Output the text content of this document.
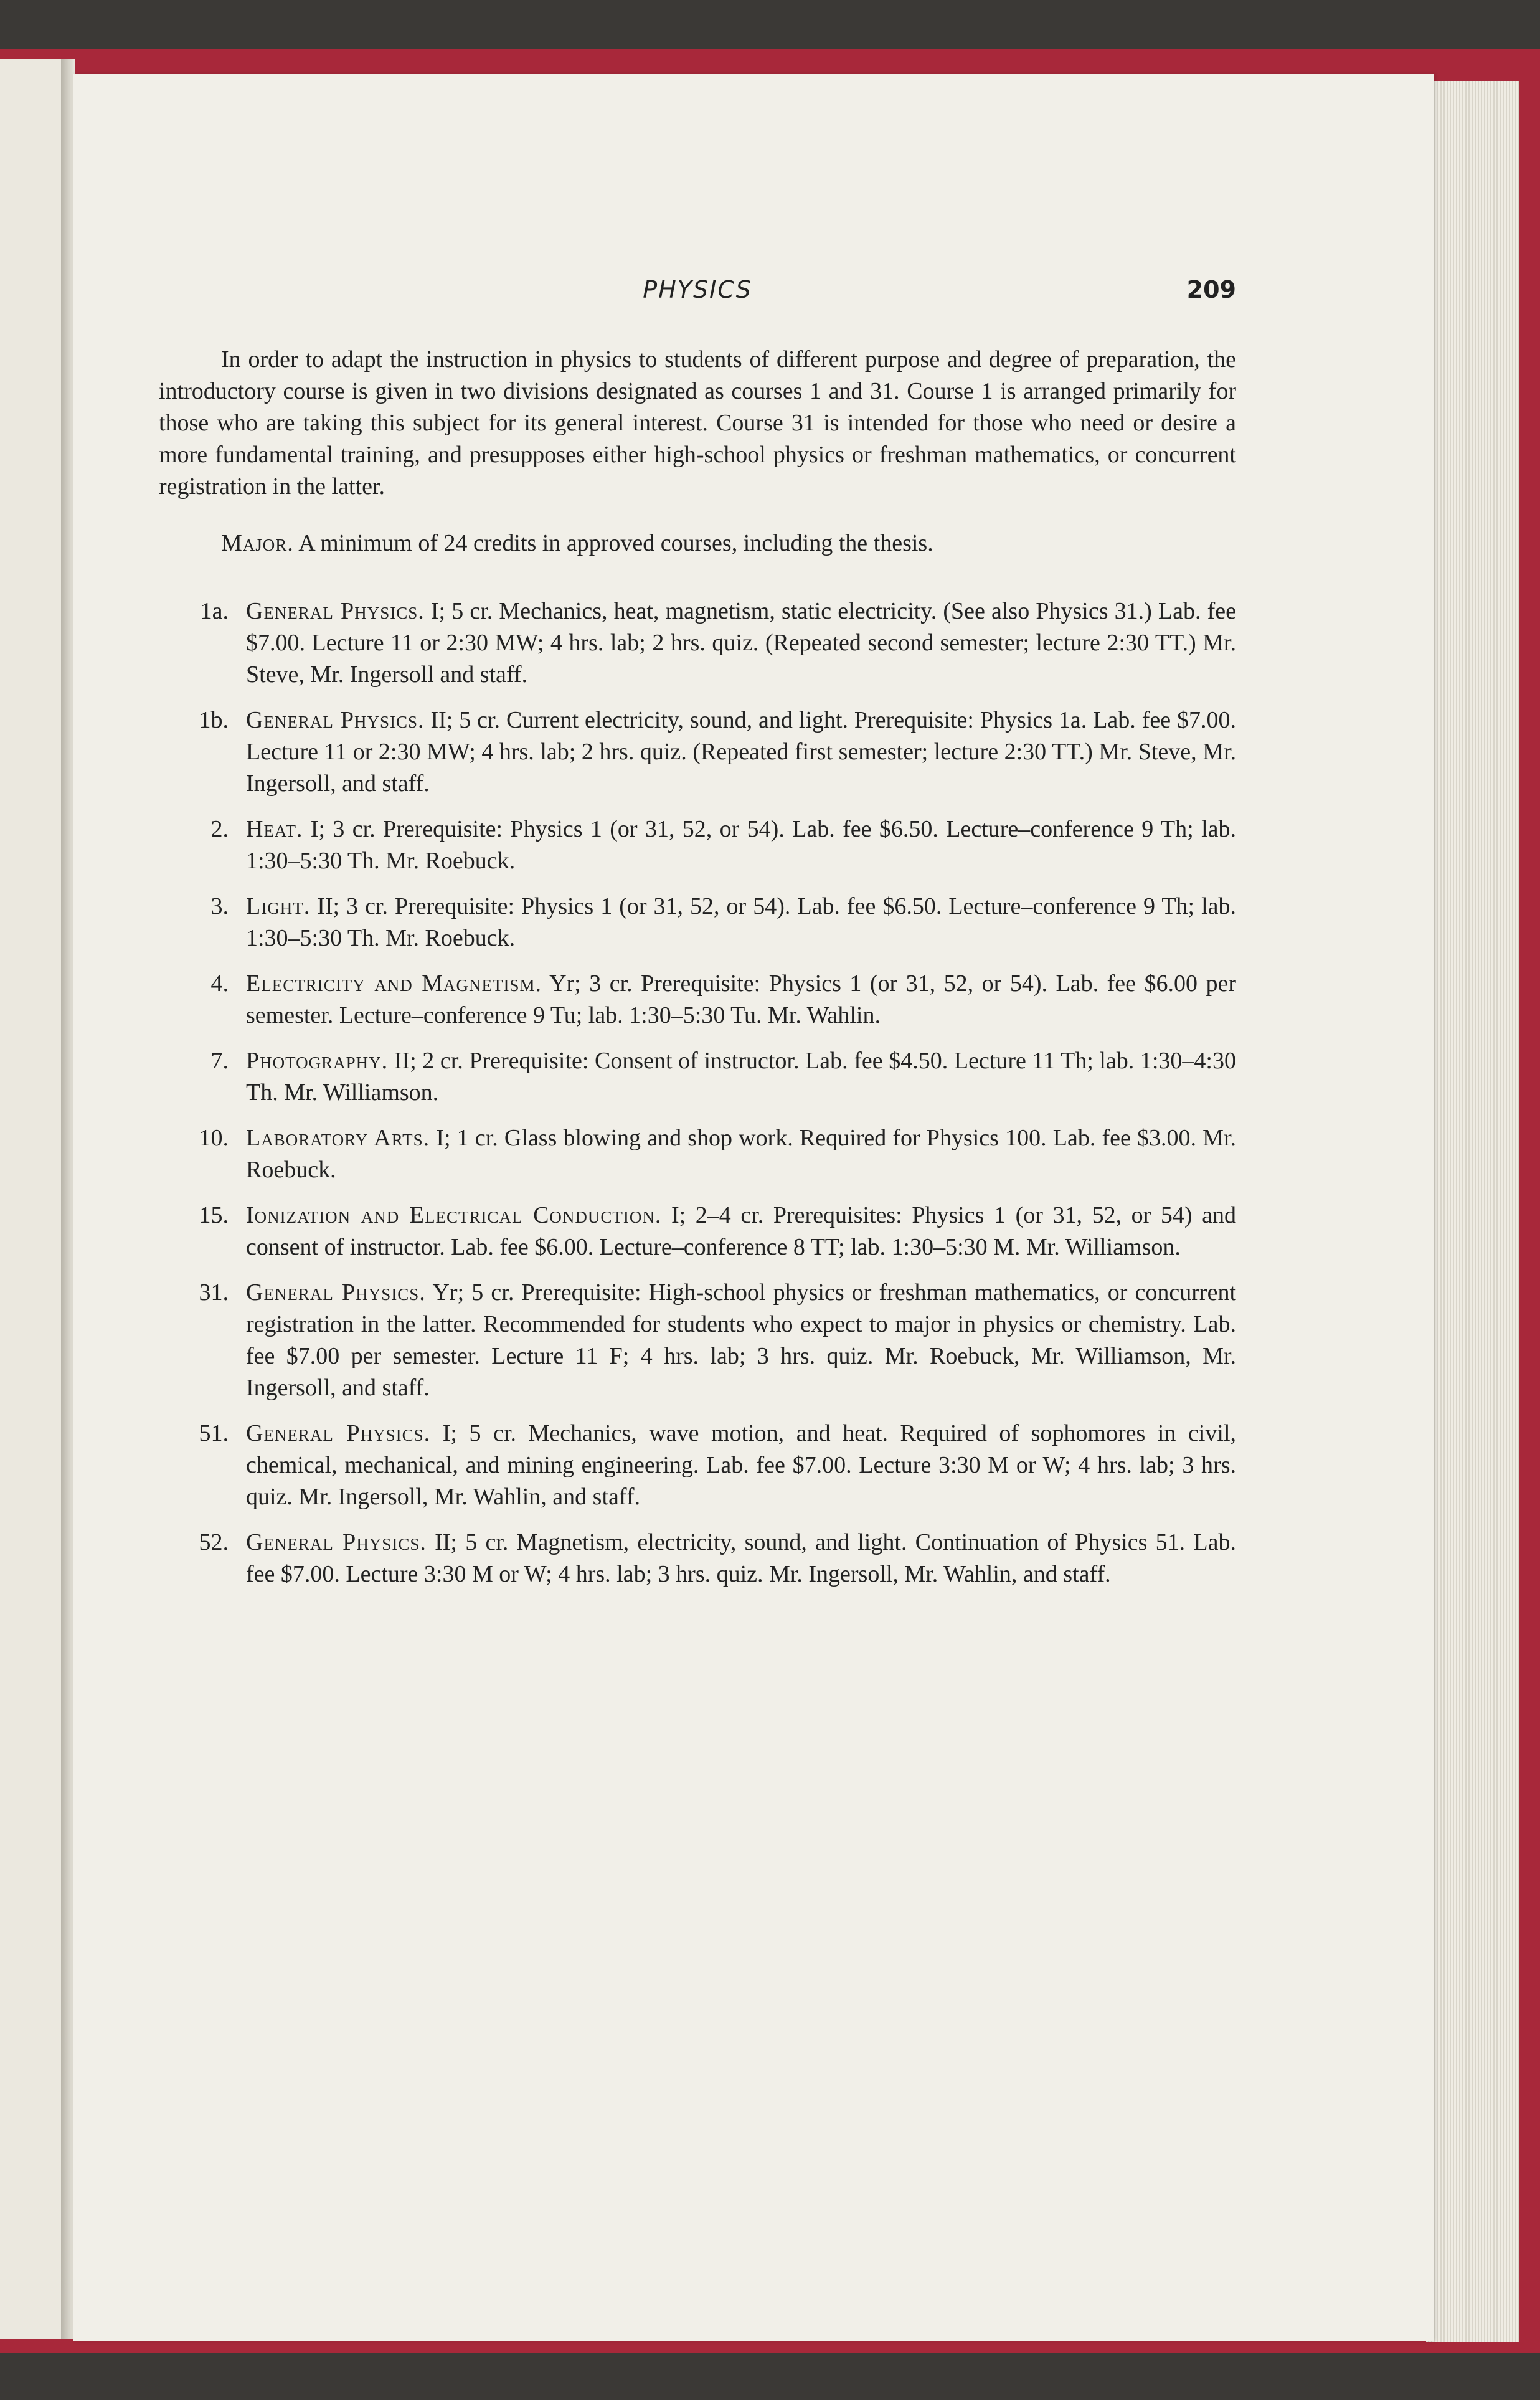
PHYSICS	209

In order to adapt the instruction in physics to students of different purpose and degree of preparation, the introductory course is given in two divisions designated as courses 1 and 31. Course 1 is arranged primarily for those who are taking this subject for its general interest. Course 31 is intended for those who need or desire a more fundamental training, and presupposes either high-school physics or freshman mathematics, or concurrent registration in the latter.

Major. A minimum of 24 credits in approved courses, including the thesis.

1a. General Physics. I; 5 cr. Mechanics, heat, magnetism, static electricity. (See also Physics 31.) Lab. fee $7.00. Lecture 11 or 2:30 MW; 4 hrs. lab; 2 hrs. quiz. (Repeated second semester; lecture 2:30 TT.) Mr. Steve, Mr. Ingersoll and staff.
1b. General Physics. II; 5 cr. Current electricity, sound, and light. Prerequisite: Physics 1a. Lab. fee $7.00. Lecture 11 or 2:30 MW; 4 hrs. lab; 2 hrs. quiz. (Repeated first semester; lecture 2:30 TT.) Mr. Steve, Mr. Ingersoll, and staff.
2. Heat. I; 3 cr. Prerequisite: Physics 1 (or 31, 52, or 54). Lab. fee $6.50. Lecture–conference 9 Th; lab. 1:30–5:30 Th. Mr. Roebuck.
3. Light. II; 3 cr. Prerequisite: Physics 1 (or 31, 52, or 54). Lab. fee $6.50. Lecture–conference 9 Th; lab. 1:30–5:30 Th. Mr. Roebuck.
4. Electricity and Magnetism. Yr; 3 cr. Prerequisite: Physics 1 (or 31, 52, or 54). Lab. fee $6.00 per semester. Lecture–conference 9 Tu; lab. 1:30–5:30 Tu. Mr. Wahlin.
7. Photography. II; 2 cr. Prerequisite: Consent of instructor. Lab. fee $4.50. Lecture 11 Th; lab. 1:30–4:30 Th. Mr. Williamson.
10. Laboratory Arts. I; 1 cr. Glass blowing and shop work. Required for Physics 100. Lab. fee $3.00. Mr. Roebuck.
15. Ionization and Electrical Conduction. I; 2–4 cr. Prerequisites: Physics 1 (or 31, 52, or 54) and consent of instructor. Lab. fee $6.00. Lecture–conference 8 TT; lab. 1:30–5:30 M. Mr. Williamson.
31. General Physics. Yr; 5 cr. Prerequisite: High-school physics or freshman mathematics, or concurrent registration in the latter. Recommended for students who expect to major in physics or chemistry. Lab. fee $7.00 per semester. Lecture 11 F; 4 hrs. lab; 3 hrs. quiz. Mr. Roebuck, Mr. Williamson, Mr. Ingersoll, and staff.
51. General Physics. I; 5 cr. Mechanics, wave motion, and heat. Required of sophomores in civil, chemical, mechanical, and mining engineering. Lab. fee $7.00. Lecture 3:30 M or W; 4 hrs. lab; 3 hrs. quiz. Mr. Ingersoll, Mr. Wahlin, and staff.
52. General Physics. II; 5 cr. Magnetism, electricity, sound, and light. Continuation of Physics 51. Lab. fee $7.00. Lecture 3:30 M or W; 4 hrs. lab; 3 hrs. quiz. Mr. Ingersoll, Mr. Wahlin, and staff.
